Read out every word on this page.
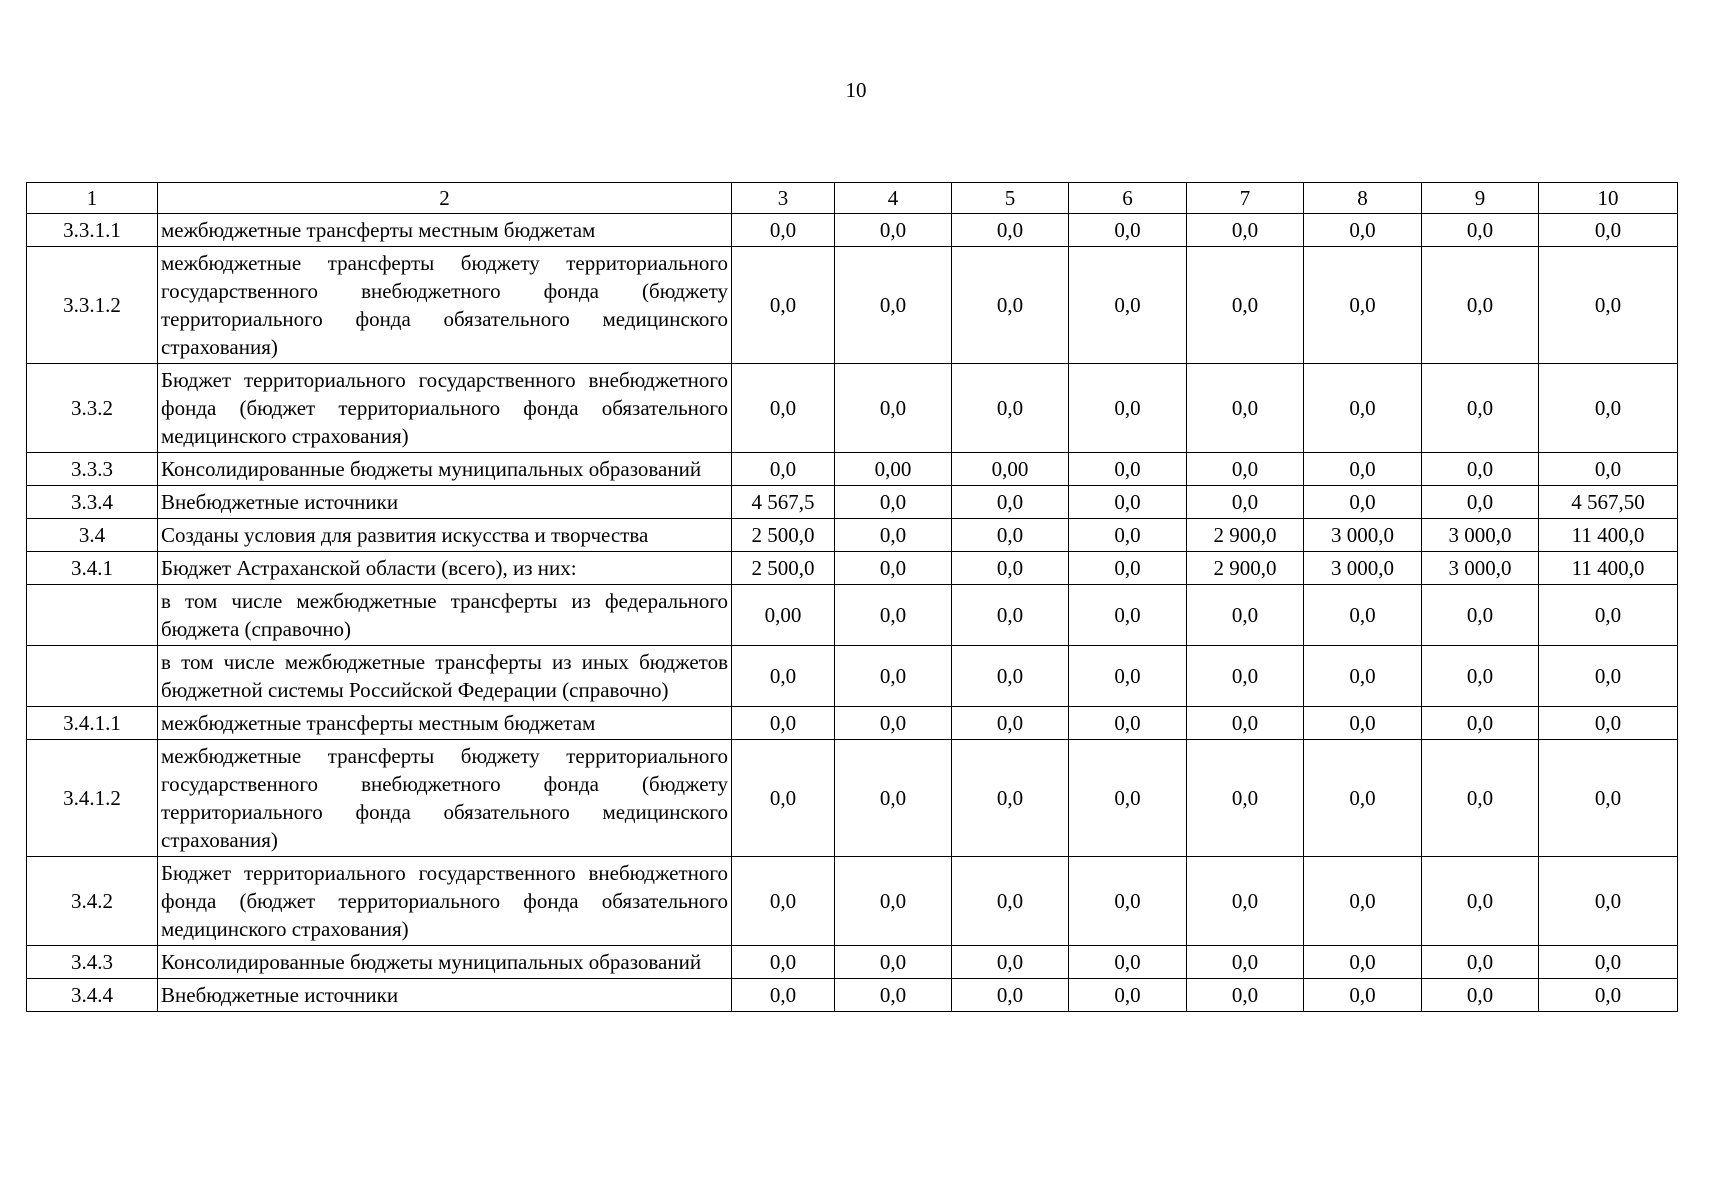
10
1	2	3	4	5	6	7	8	9	10
3.3.1.1	межбюджетные трансферты местным бюджетам	0,0	0,0	0,0	0,0	0,0	0,0	0,0	0,0
3.3.1.2	межбюджетные трансферты бюджету территориального государственного внебюджетного фонда (бюджету территориального фонда обязательного медицинского страхования)	0,0	0,0	0,0	0,0	0,0	0,0	0,0	0,0
3.3.2	Бюджет территориального государственного внебюджетного фонда (бюджет территориального фонда обязательного медицинского страхования)	0,0	0,0	0,0	0,0	0,0	0,0	0,0	0,0
3.3.3	Консолидированные бюджеты муниципальных образований	0,0	0,00	0,00	0,0	0,0	0,0	0,0	0,0
3.3.4	Внебюджетные источники	4 567,5	0,0	0,0	0,0	0,0	0,0	0,0	4 567,50
3.4	Созданы условия для развития искусства и творчества	2 500,0	0,0	0,0	0,0	2 900,0	3 000,0	3 000,0	11 400,0
3.4.1	Бюджет Астраханской области (всего), из них:	2 500,0	0,0	0,0	0,0	2 900,0	3 000,0	3 000,0	11 400,0
	в том числе межбюджетные трансферты из федерального бюджета (справочно)	0,00	0,0	0,0	0,0	0,0	0,0	0,0	0,0
	в том числе межбюджетные трансферты из иных бюджетов бюджетной системы Российской Федерации (справочно)	0,0	0,0	0,0	0,0	0,0	0,0	0,0	0,0
3.4.1.1	межбюджетные трансферты местным бюджетам	0,0	0,0	0,0	0,0	0,0	0,0	0,0	0,0
3.4.1.2	межбюджетные трансферты бюджету территориального государственного внебюджетного фонда (бюджету территориального фонда обязательного медицинского страхования)	0,0	0,0	0,0	0,0	0,0	0,0	0,0	0,0
3.4.2	Бюджет территориального государственного внебюджетного фонда (бюджет территориального фонда обязательного медицинского страхования)	0,0	0,0	0,0	0,0	0,0	0,0	0,0	0,0
3.4.3	Консолидированные бюджеты муниципальных образований	0,0	0,0	0,0	0,0	0,0	0,0	0,0	0,0
3.4.4	Внебюджетные источники	0,0	0,0	0,0	0,0	0,0	0,0	0,0	0,0
